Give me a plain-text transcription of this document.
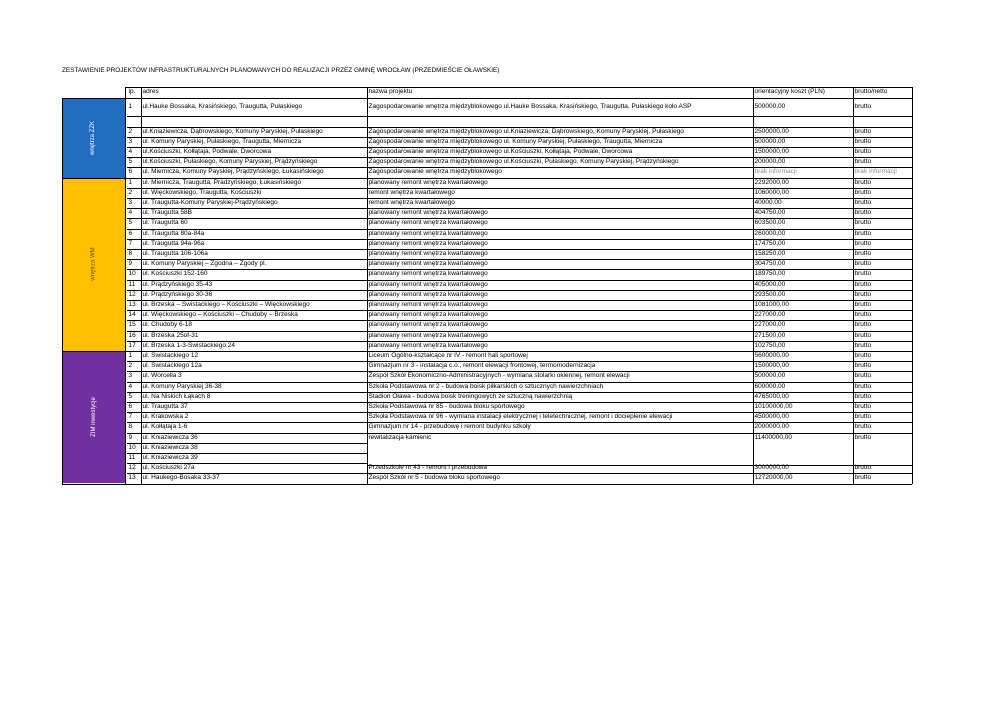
ZESTAWIENIE PROJEKTÓW INFRASTRUKTURALNYCH PLANOWANYCH DO REALIZACJI PRZEZ GMINĘ WROCŁAW (PRZEDMIEŚCIE OŁAWSKIE)
wnętrza ZZK
wnętrza WM
ZIM inwestycje
lp.	adres	nazwa projektu	orientacyjny koszt (PLN)	brutto/netto
1	ul.Hauke Bossaka, Krasińskiego, Traugutta, Pułaskiego	Zagospodarowanie wnętrza międzyblokowego ul.Hauke Bossaka, Krasińskiego, Traugutta, Pułaskiego koło ASP	500000,00	brutto
2	ul.Kniaziewicza, Dąbrowskiego, Komuny Paryskiej, Pułaskiego	Zagospodarowanie wnętrza międzyblokowego ul.Kniaziewicza, Dąbrowskiego, Komuny Paryskiej, Pułaskiego	2500000,00	brutto
3	ul. Komuny Paryskiej, Pułaskiego, Traugutta, Miernicza	Zagospodarowanie wnętrza międzyblokowego ul. Komuny Paryskiej, Pułaskiego, Traugutta, Miernicza	500000,00	brutto
4	ul.Kościuszki, Kołłątaja, Podwale, Dworcowa	Zagospodarowanie wnętrza międzyblokowego ul.Kościuszki, Kołłątaja, Podwale, Dworcowa	1500000,00	brutto
5	ul.Kościuszki, Pułaskiego, Komuny Paryskiej, Prądzyńskiego	Zagospodarowanie wnętrza międzyblokowego ul.Kościuszki, Pułaskiego, Komuny Paryskiej, Prądzyńskiego	200000,00	brutto
6	ul. Miernicza, Komuny Payskiej, Prądzyńskiego, Łukasińskiego	Zagospodarowanie wnętrza międzyblokowego	brak informacji	brak informacji
1	ul. Miernicza, Traugutta, Pradzyńskiego, Łukasińskiego	planowany remont wnętrza kwartałowego	2292000,00	brutto
2	ul. Więckowskiego, Traugutta, Kościuszki	remont wnętrza kwartałowego	1060000,00	brutto
3	ul. Traugutta-Komuny Paryskiej-Prądzyńskiego	remont wnętrza kwartałowego	40000,00	brutto
4	ul. Traugutta 58B	planowany remont wnętrza kwartałowego	404750,00	brutto
5	ul. Traugutta 60	planowany remont wnętrza kwartałowego	603500,00	brutto
6	ul. Traugutta 80a-84a	planowany remont wnętrza kwartałowego	260000,00	brutto
7	ul. Traugutta 94a-96a	planowany remont wnętrza kwartałowego	174750,00	brutto
8	ul. Traugutta 106-106a	planowany remont wnętrza kwartałowego	158250,00	brutto
9	ul. Komuny Paryskiej – Zgodna – Zgody pl.	planowany remont wnętrza kwartałowego	304750,00	brutto
10	ul. Kościuszki 152-160	planowany remont wnętrza kwartałowego	189750,00	brutto
11	ul. Prądzyńskiego 35-43	planowany remont wnętrza kwartałowego	405000,00	brutto
12	ul. Prądzyńskiego 30-36	planowany remont wnętrza kwartałowego	293500,00	brutto
13	ul. Brzeska – Świstackiego – Kościuszki – Więckowskiego	planowany remont wnętrza kwartałowego	1081000,00	brutto
14	ul. Więckowskiego – Kościuszki – Chudoby – Brzeska	planowany remont wnętrza kwartałowego	227000,00	brutto
15	ul. Chudoby 6-18	planowany remont wnętrza kwartałowego	227000,00	brutto
16	ul. Brzeska 25of-31	planowany remont wnętrza kwartałowego	271500,00	brutto
17	ul. Brzeska 1-3-Świstackiego 24	planowany remont wnętrza kwartałowego	102750,00	brutto
1	ul. Świstackiego 12	Liceum Ogólno-kształcące nr IV - remont hali sportowej	5600000,00	brutto
2	ul. Świstackiego 12a	Gimnazjum nr 3 - instalacja c.o., remont elewacji frontowej, termomodernizacja	1500000,00	brutto
3	ul. Worcella 3	Zespół Szkół Ekonomiczno-Administracyjnych - wymiana stolarki okiennej, remont elewacji	500000,00	brutto
4	ul. Komuny Paryskiej 36-38	Szkoła Podstawowa nr 2 - budowa boisk piłkarskich o sztucznych nawierzchniach	600000,00	brutto
5	ul. Na Niskich Łąkach 8	Stadion Oława - budowa boisk treningowych ze sztuczną nawierzchnią	4765000,00	brutto
6	ul. Traugutta 37	Szkoła Podstawowa nr 85 - budowa bloku sportowego	10100000,00	brutto
7	ul. Krakowska 2	Szkoła Podstawowa nr 96 - wymiana instalacji elektrycznej i teletechnicznej, remont i docieplenie elewacji	4500000,00	brutto
8	ul. Kołłątaja 1-6	Gimnazjum nr 14 - przebudowę i remont budynku szkoły	2000000,00	brutto
9	ul. Kniaziewicza 36	rewitalizacja kamienic	11400000,00	brutto
10	ul. Kniaziewicza 38
11	ul. Kniaziewicza 39
12	ul. Kościuszki 27a	Przedszkole nr 43 - remont i przebudowa	3000000,00	brutto
13	ul. Haukego-Bosaka 33-37	Zespół Szkół nr 5 - budowa bloku sportowego	12720000,00	brutto
